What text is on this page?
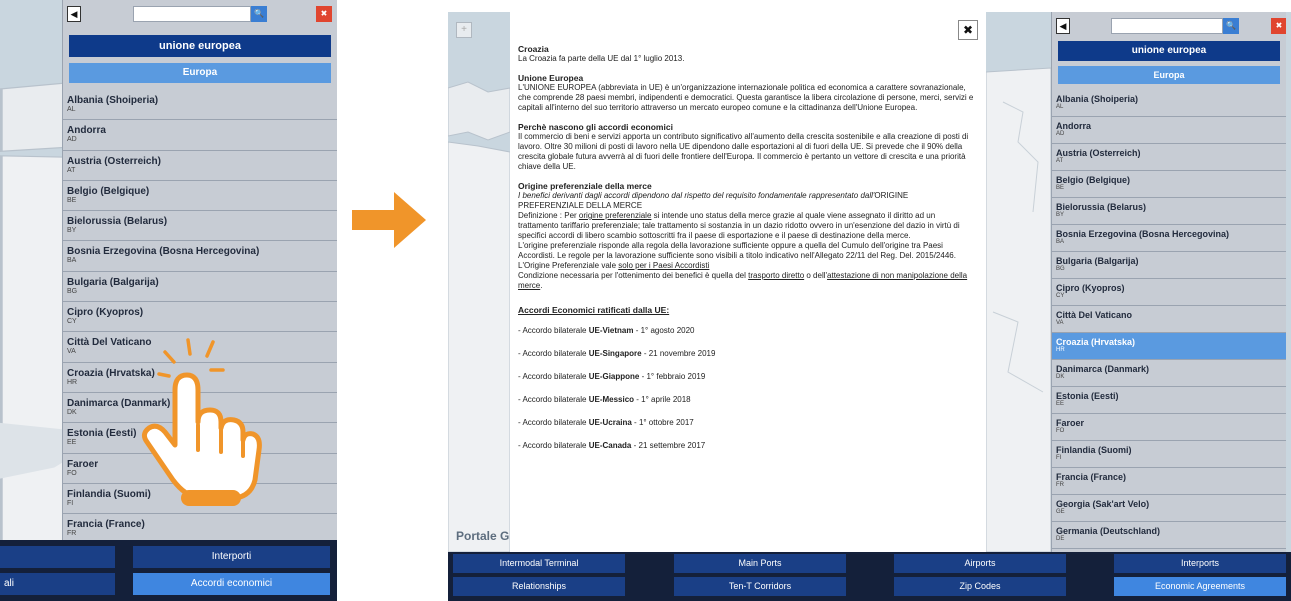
◀	🔍	✖
unione europea
Europa
Albania (Shoiperia)
AL
Andorra
AD
Austria (Osterreich)
AT
Belgio (Belgique)
BE
Bielorussia (Belarus)
BY
Bosnia Erzegovina (Bosna Hercegovina)
BA
Bulgaria (Balgarija)
BG
Cipro (Kyopros)
CY
Città Del Vaticano
VA
Croazia (Hrvatska)
HR
Danimarca (Danmark)
DK
Estonia (Eesti)
EE
Faroer
FO
Finlandia (Suomi)
FI
Francia (France)
FR
Interporti
ali	Accordi economici
+
Portale G
✖
Croazia
La Croazia fa parte della UE dal 1° luglio 2013.
Unione Europea
L'UNIONE EUROPEA (abbreviata in UE) è un'organizzazione internazionale politica ed economica a carattere sovranazionale, che comprende 28 paesi membri, indipendenti e democratici. Questa garantisce la libera circolazione di persone, merci, servizi e capitali all'interno del suo territorio attraverso un mercato europeo comune e la cittadinanza dell'Unione Europea.
Perchè nascono gli accordi economici
Il commercio di beni e servizi apporta un contributo significativo all'aumento della crescita sostenibile e alla creazione di posti di lavoro. Oltre 30 milioni di posti di lavoro nella UE dipendono dalle esportazioni al di fuori della UE. Si prevede che il 90% della crescita globale futura avverrà al di fuori delle frontiere dell'Europa. Il commercio è pertanto un vettore di crescita e una priorità chiave della UE.
Origine preferenziale della merce
I benefici derivanti dagli accordi dipendono dal rispetto del requisito fondamentale rappresentato dall'ORIGINE PREFERENZIALE DELLA MERCE
Definizione : Per origine preferenziale si intende uno status della merce grazie al quale viene assegnato il diritto ad un trattamento tariffario preferenziale; tale trattamento si sostanzia in un dazio ridotto ovvero in un'esenzione del dazio in virtù di specifici accordi di libero scambio sottoscritti fra il paese di esportazione e il paese di destinazione della merce.
L'origine preferenziale risponde alla regola della lavorazione sufficiente oppure a quella del Cumulo dell'origine tra Paesi Accordisti. Le regole per la lavorazione sufficiente sono visibili a titolo indicativo nell'Allegato 22/11 del Reg. Del. 2015/2446.
L'Origine Preferenziale vale solo per i Paesi Accordisti
Condizione necessaria per l'ottenimento dei benefici è quella del trasporto diretto o dell'attestazione di non manipolazione della merce.
Accordi Economici ratificati dalla UE:
- Accordo bilaterale UE-Vietnam - 1° agosto 2020
- Accordo bilaterale UE-Singapore - 21 novembre 2019
- Accordo bilaterale UE-Giappone - 1° febbraio 2019
- Accordo bilaterale UE-Messico - 1° aprile 2018
- Accordo bilaterale UE-Ucraina - 1° ottobre 2017
- Accordo bilaterale UE-Canada - 21 settembre 2017
◀	🔍	✖
unione europea
Europa
Albania (Shoiperia)
AL
Andorra
AD
Austria (Osterreich)
AT
Belgio (Belgique)
BE
Bielorussia (Belarus)
BY
Bosnia Erzegovina (Bosna Hercegovina)
BA
Bulgaria (Balgarija)
BG
Cipro (Kyopros)
CY
Città Del Vaticano
VA
Croazia (Hrvatska)
HR
Danimarca (Danmark)
DK
Estonia (Eesti)
EE
Faroer
FO
Finlandia (Suomi)
FI
Francia (France)
FR
Georgia (Sak'art Velo)
GE
Germania (Deutschland)
DE
Intermodal Terminal	Main Ports	Airports	Interports
Relationships	Ten-T Corridors	Zip Codes	Economic Agreements
